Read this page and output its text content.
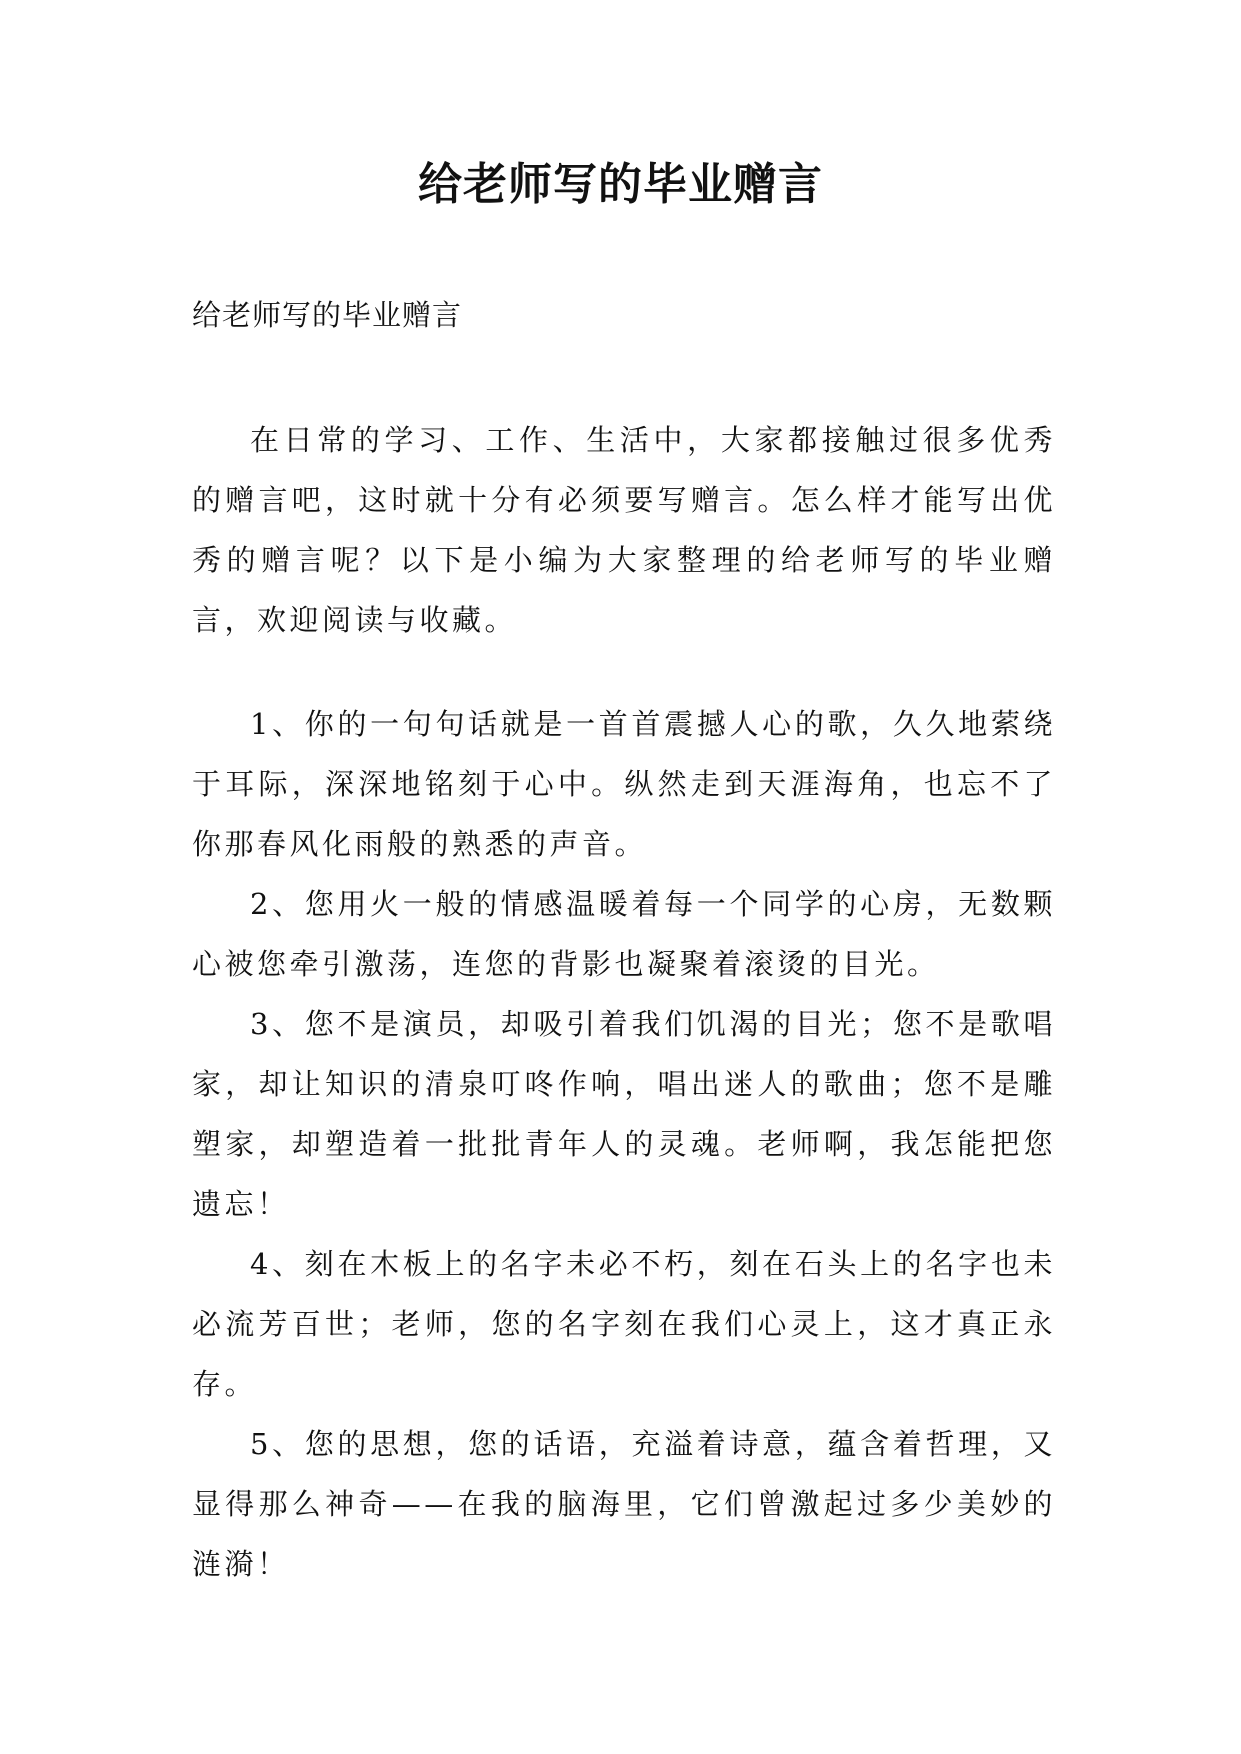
给老师写的毕业赠言

给老师写的毕业赠言

在日常的学习、工作、生活中，大家都接触过很多优秀的赠言吧，这时就十分有必须要写赠言。怎么样才能写出优秀的赠言呢？以下是小编为大家整理的给老师写的毕业赠言，欢迎阅读与收藏。

1、你的一句句话就是一首首震撼人心的歌，久久地萦绕于耳际，深深地铭刻于心中。纵然走到天涯海角，也忘不了你那春风化雨般的熟悉的声音。

2、您用火一般的情感温暖着每一个同学的心房，无数颗心被您牵引激荡，连您的背影也凝聚着滚烫的目光。

3、您不是演员，却吸引着我们饥渴的目光；您不是歌唱家，却让知识的清泉叮咚作响，唱出迷人的歌曲；您不是雕塑家，却塑造着一批批青年人的灵魂。老师啊，我怎能把您遗忘！

4、刻在木板上的名字未必不朽，刻在石头上的名字也未必流芳百世；老师，您的名字刻在我们心灵上，这才真正永存。

5、您的思想，您的话语，充溢着诗意，蕴含着哲理，又显得那么神奇——在我的脑海里，它们曾激起过多少美妙的涟漪！
